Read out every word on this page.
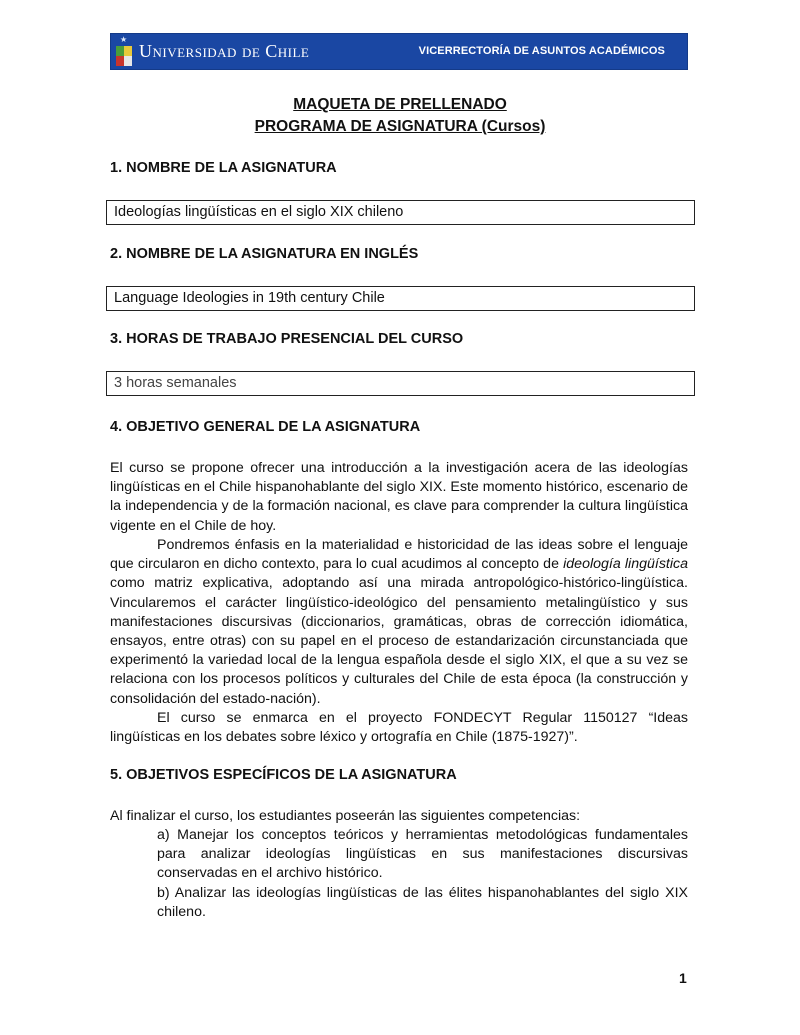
★
Universidad de Chile	VICERRECTORÍA DE ASUNTOS ACADÉMICOS
MAQUETA DE PRELLENADO
PROGRAMA DE ASIGNATURA (Cursos)
1. NOMBRE DE LA ASIGNATURA
Ideologías lingüísticas en el siglo XIX chileno
2. NOMBRE DE LA ASIGNATURA EN INGLÉS
Language Ideologies in 19th century Chile
3. HORAS DE TRABAJO PRESENCIAL DEL CURSO
3 horas semanales
4. OBJETIVO GENERAL DE LA ASIGNATURA

El curso se propone ofrecer una introducción a la investigación acera de las ideologías lingüísticas en el Chile hispanohablante del siglo XIX. Este momento histórico, escenario de la independencia y de la formación nacional, es clave para comprender la cultura lingüística vigente en el Chile de hoy.

Pondremos énfasis en la materialidad e historicidad de las ideas sobre el lenguaje que circularon en dicho contexto, para lo cual acudimos al concepto de ideología lingüística como matriz explicativa, adoptando así una mirada antropológico-histórico-lingüística. Vincularemos el carácter lingüístico-ideológico del pensamiento metalingüístico y sus manifestaciones discursivas (diccionarios, gramáticas, obras de corrección idiomática, ensayos, entre otras) con su papel en el proceso de estandarización circunstanciada que experimentó la variedad local de la lengua española desde el siglo XIX, el que a su vez se relaciona con los procesos políticos y culturales del Chile de esta época (la construcción y consolidación del estado-nación).

El curso se enmarca en el proyecto FONDECYT Regular 1150127 “Ideas lingüísticas en los debates sobre léxico y ortografía en Chile (1875-1927)”.

5. OBJETIVOS ESPECÍFICOS DE LA ASIGNATURA

Al finalizar el curso, los estudiantes poseerán las siguientes competencias:

a) Manejar los conceptos teóricos y herramientas metodológicas fundamentales para analizar ideologías lingüísticas en sus manifestaciones discursivas conservadas en el archivo histórico.

b) Analizar las ideologías lingüísticas de las élites hispanohablantes del siglo XIX chileno.

1
